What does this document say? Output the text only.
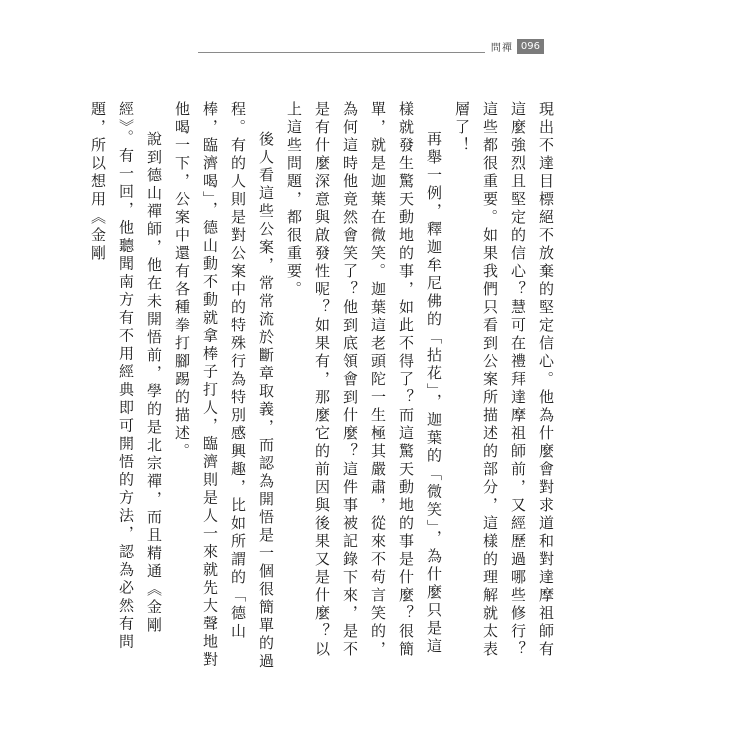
問禪 096

現出不達目標絕不放棄的堅定信心。他為什麼會對求道和對達摩祖師有這麼強烈且堅定的信心？慧可在禮拜達摩祖師前，又經歷過哪些修行？這些都很重要。如果我們只看到公案所描述的部分，這樣的理解就太表層了！

再舉一例，釋迦牟尼佛的「拈花」，迦葉的「微笑」，為什麼只是這樣就發生驚天動地的事，如此不得了？而這驚天動地的事是什麼？很簡單，就是迦葉在微笑。迦葉這老頭陀一生極其嚴肅，從來不苟言笑的，為何這時他竟然會笑了？他到底領會到什麼？這件事被記錄下來，是不是有什麼深意與啟發性呢？如果有，那麼它的前因與後果又是什麼？以上這些問題，都很重要。

後人看這些公案，常常流於斷章取義，而認為開悟是一個很簡單的過程。有的人則是對公案中的特殊行為特別感興趣，比如所謂的「德山棒，臨濟喝」，德山動不動就拿棒子打人，臨濟則是人一來就先大聲地對他喝一下，公案中還有各種拳打腳踢的描述。

說到德山禪師，他在未開悟前，學的是北宗禪，而且精通《金剛經》。有一回，他聽聞南方有不用經典即可開悟的方法，認為必然有問題，所以想用《金剛
